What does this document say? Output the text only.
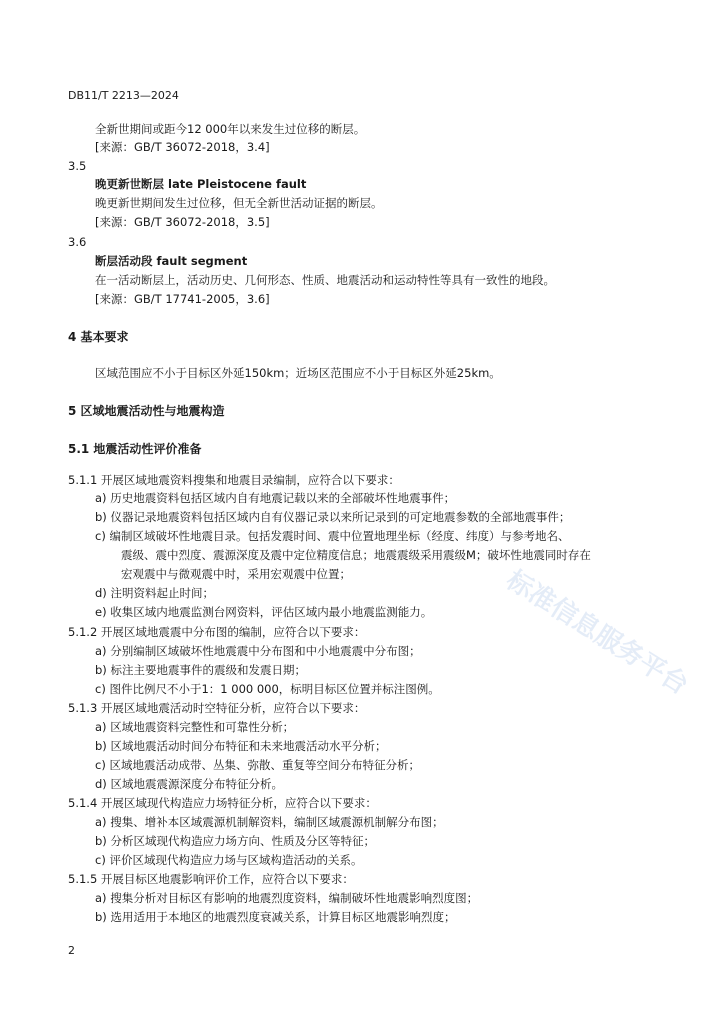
DB11/T 2213—2024
标准信息服务平台
全新世期间或距今12 000年以来发生过位移的断层。
[来源：GB/T 36072-2018，3.4]
3.5
晚更新世断层 late Pleistocene fault
晚更新世期间发生过位移，但无全新世活动证据的断层。
[来源：GB/T 36072-2018，3.5]
3.6
断层活动段 fault segment
在一活动断层上，活动历史、几何形态、性质、地震活动和运动特性等具有一致性的地段。
[来源：GB/T 17741-2005，3.6]
4 基本要求
区域范围应不小于目标区外延150km；近场区范围应不小于目标区外延25km。
5 区域地震活动性与地震构造
5.1 地震活动性评价准备
5.1.1 开展区域地震资料搜集和地震目录编制，应符合以下要求：
a) 历史地震资料包括区域内自有地震记载以来的全部破坏性地震事件；
b) 仪器记录地震资料包括区域内自有仪器记录以来所记录到的可定地震参数的全部地震事件；
c) 编制区域破坏性地震目录。包括发震时间、震中位置地理坐标（经度、纬度）与参考地名、
震级、震中烈度、震源深度及震中定位精度信息；地震震级采用震级M；破坏性地震同时存在
宏观震中与微观震中时，采用宏观震中位置；
d) 注明资料起止时间；
e) 收集区域内地震监测台网资料，评估区域内最小地震监测能力。
5.1.2 开展区域地震震中分布图的编制，应符合以下要求：
a) 分别编制区域破坏性地震震中分布图和中小地震震中分布图；
b) 标注主要地震事件的震级和发震日期；
c) 图件比例尺不小于1：1 000 000，标明目标区位置并标注图例。
5.1.3 开展区域地震活动时空特征分析，应符合以下要求：
a) 区域地震资料完整性和可靠性分析；
b) 区域地震活动时间分布特征和未来地震活动水平分析；
c) 区域地震活动成带、丛集、弥散、重复等空间分布特征分析；
d) 区域地震震源深度分布特征分析。
5.1.4 开展区域现代构造应力场特征分析，应符合以下要求：
a) 搜集、增补本区域震源机制解资料，编制区域震源机制解分布图；
b) 分析区域现代构造应力场方向、性质及分区等特征；
c) 评价区域现代构造应力场与区域构造活动的关系。
5.1.5 开展目标区地震影响评价工作，应符合以下要求：
a) 搜集分析对目标区有影响的地震烈度资料，编制破坏性地震影响烈度图；
b) 选用适用于本地区的地震烈度衰减关系，计算目标区地震影响烈度；
2
